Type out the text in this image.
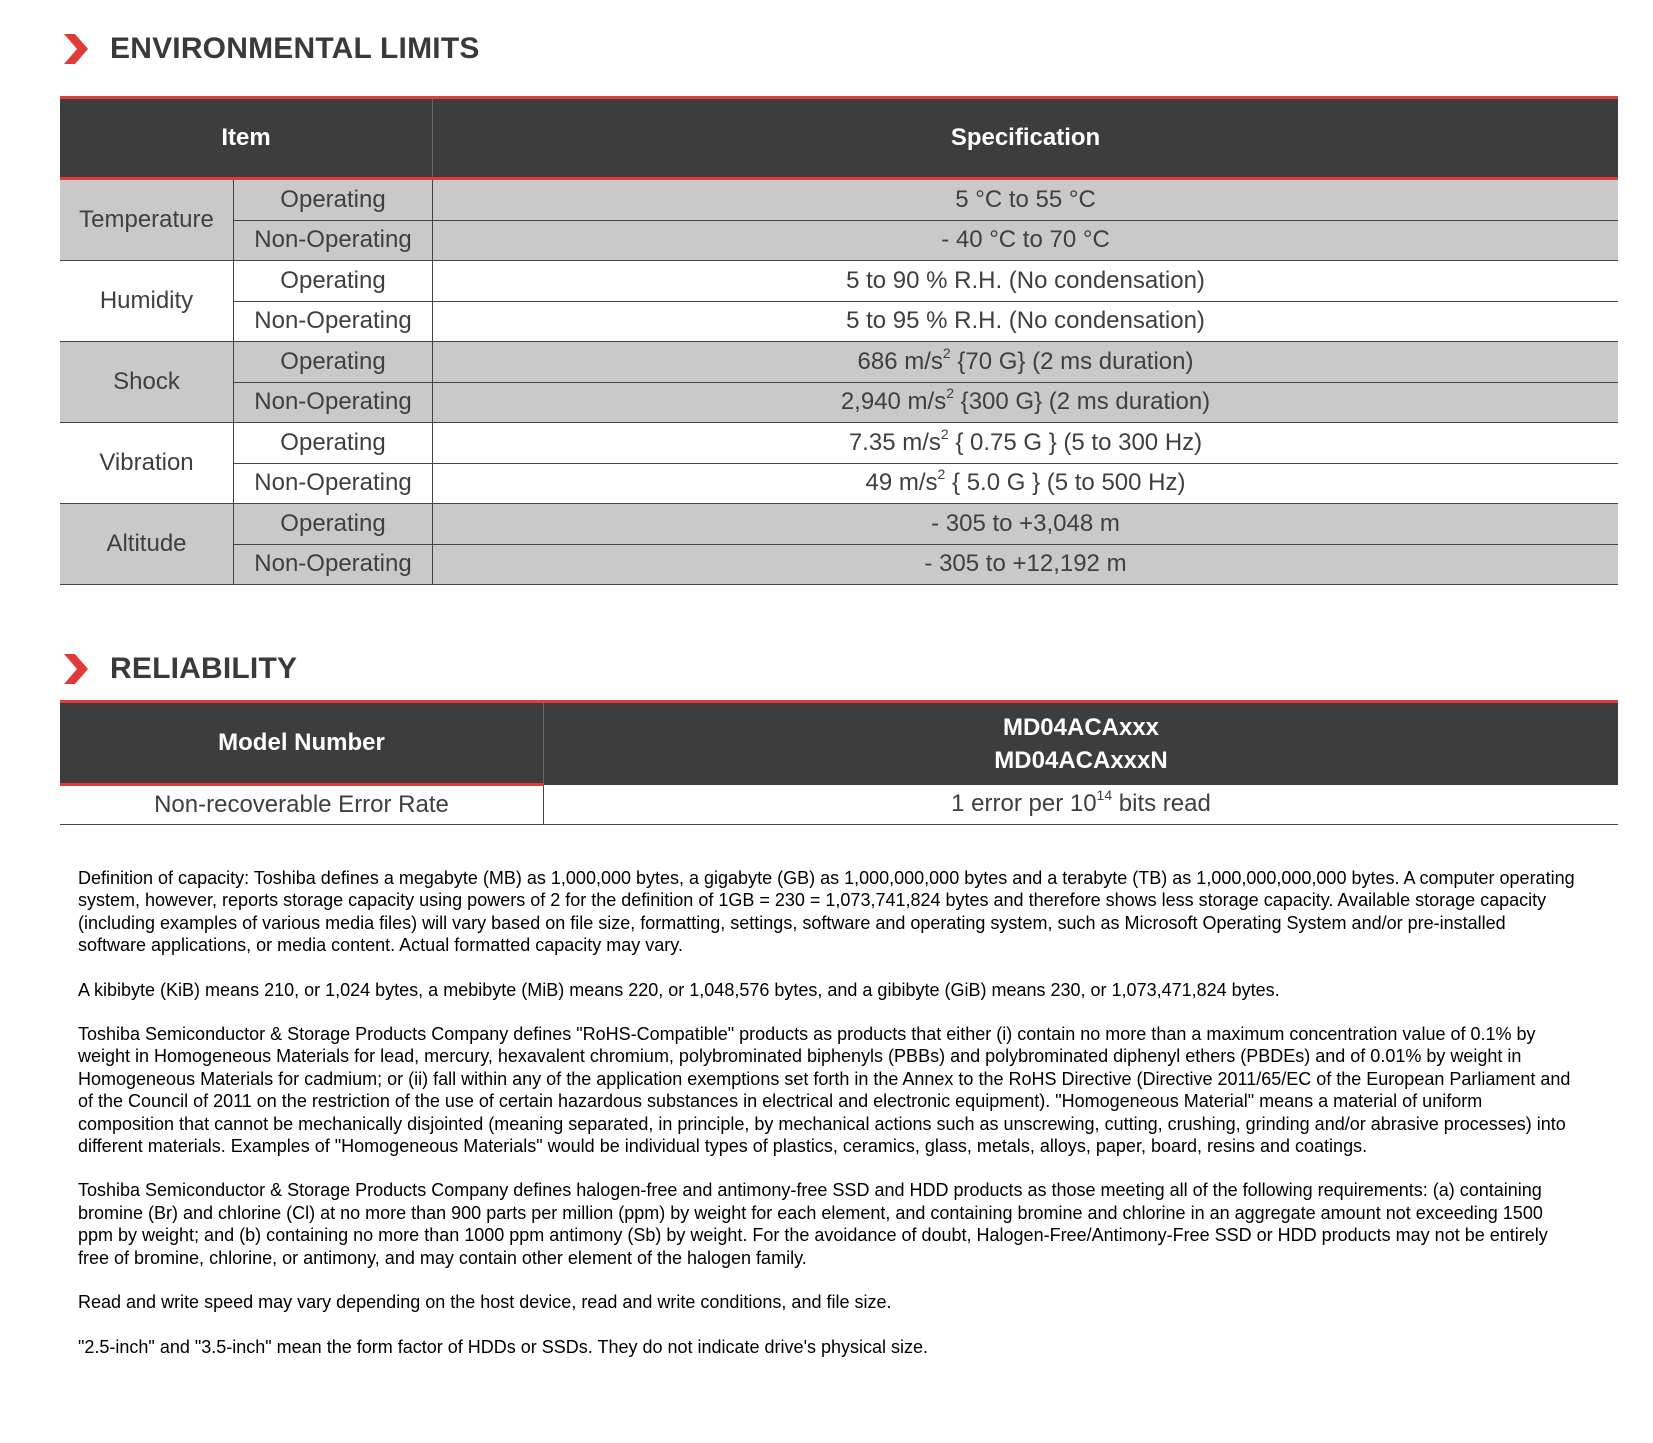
ENVIRONMENTAL LIMITS
Item		Specification
Temperature	Operating	5 °C to 55 °C
	Non-Operating	- 40 °C to 70 °C
Humidity	Operating	5 to 90 % R.H. (No condensation)
	Non-Operating	5 to 95 % R.H. (No condensation)
Shock	Operating	686 $m/s^2$ {70 G} (2 ms duration)
	Non-Operating	2,940 $m/s^2$ {300 G} (2 ms duration)
Vibration	Operating	7.35 $m/s^2$ { 0.75 G } (5 to 300 Hz)
	Non-Operating	49 $m/s^2$ { 5.0 G } (5 to 500 Hz)
Altitude	Operating	- 305 to +3,048 m
	Non-Operating	- 305 to +12,192 m
RELIABILITY
Model Number	MD04ACAxxx
MD04ACAxxxN

Non-recoverable Error Rate	1 error per $10^{14}$ bits read

Definition of capacity: Toshiba defines a megabyte (MB) as 1,000,000 bytes, a gigabyte (GB) as 1,000,000,000 bytes and a terabyte (TB) as 1,000,000,000,000 bytes. A computer operating system, however, reports storage capacity using powers of 2 for the definition of 1GB = 230 = 1,073,741,824 bytes and therefore shows less storage capacity. Available storage capacity (including examples of various media files) will vary based on file size, formatting, settings, software and operating system, such as Microsoft Operating System and/or pre-installed software applications, or media content. Actual formatted capacity may vary.

A kibibyte (KiB) means 210, or 1,024 bytes, a mebibyte (MiB) means 220, or 1,048,576 bytes, and a gibibyte (GiB) means 230, or 1,073,471,824 bytes.

Toshiba Semiconductor & Storage Products Company defines "RoHS-Compatible" products as products that either (i) contain no more than a maximum concentration value of 0.1% by weight in Homogeneous Materials for lead, mercury, hexavalent chromium, polybrominated biphenyls (PBBs) and polybrominated diphenyl ethers (PBDEs) and of 0.01% by weight in Homogeneous Materials for cadmium; or (ii) fall within any of the application exemptions set forth in the Annex to the RoHS Directive (Directive 2011/65/EC of the European Parliament and of the Council of 2011 on the restriction of the use of certain hazardous substances in electrical and electronic equipment). "Homogeneous Material" means a material of uniform composition that cannot be mechanically disjointed (meaning separated, in principle, by mechanical actions such as unscrewing, cutting, crushing, grinding and/or abrasive processes) into different materials. Examples of "Homogeneous Materials" would be individual types of plastics, ceramics, glass, metals, alloys, paper, board, resins and coatings.

Toshiba Semiconductor & Storage Products Company defines halogen-free and antimony-free SSD and HDD products as those meeting all of the following requirements: (a) containing bromine (Br) and chlorine (Cl) at no more than 900 parts per million (ppm) by weight for each element, and containing bromine and chlorine in an aggregate amount not exceeding 1500 ppm by weight; and (b) containing no more than 1000 ppm antimony (Sb) by weight. For the avoidance of doubt, Halogen-Free/Antimony-Free SSD or HDD products may not be entirely free of bromine, chlorine, or antimony, and may contain other element of the halogen family.

Read and write speed may vary depending on the host device, read and write conditions, and file size.

"2.5-inch" and "3.5-inch" mean the form factor of HDDs or SSDs. They do not indicate drive's physical size.
